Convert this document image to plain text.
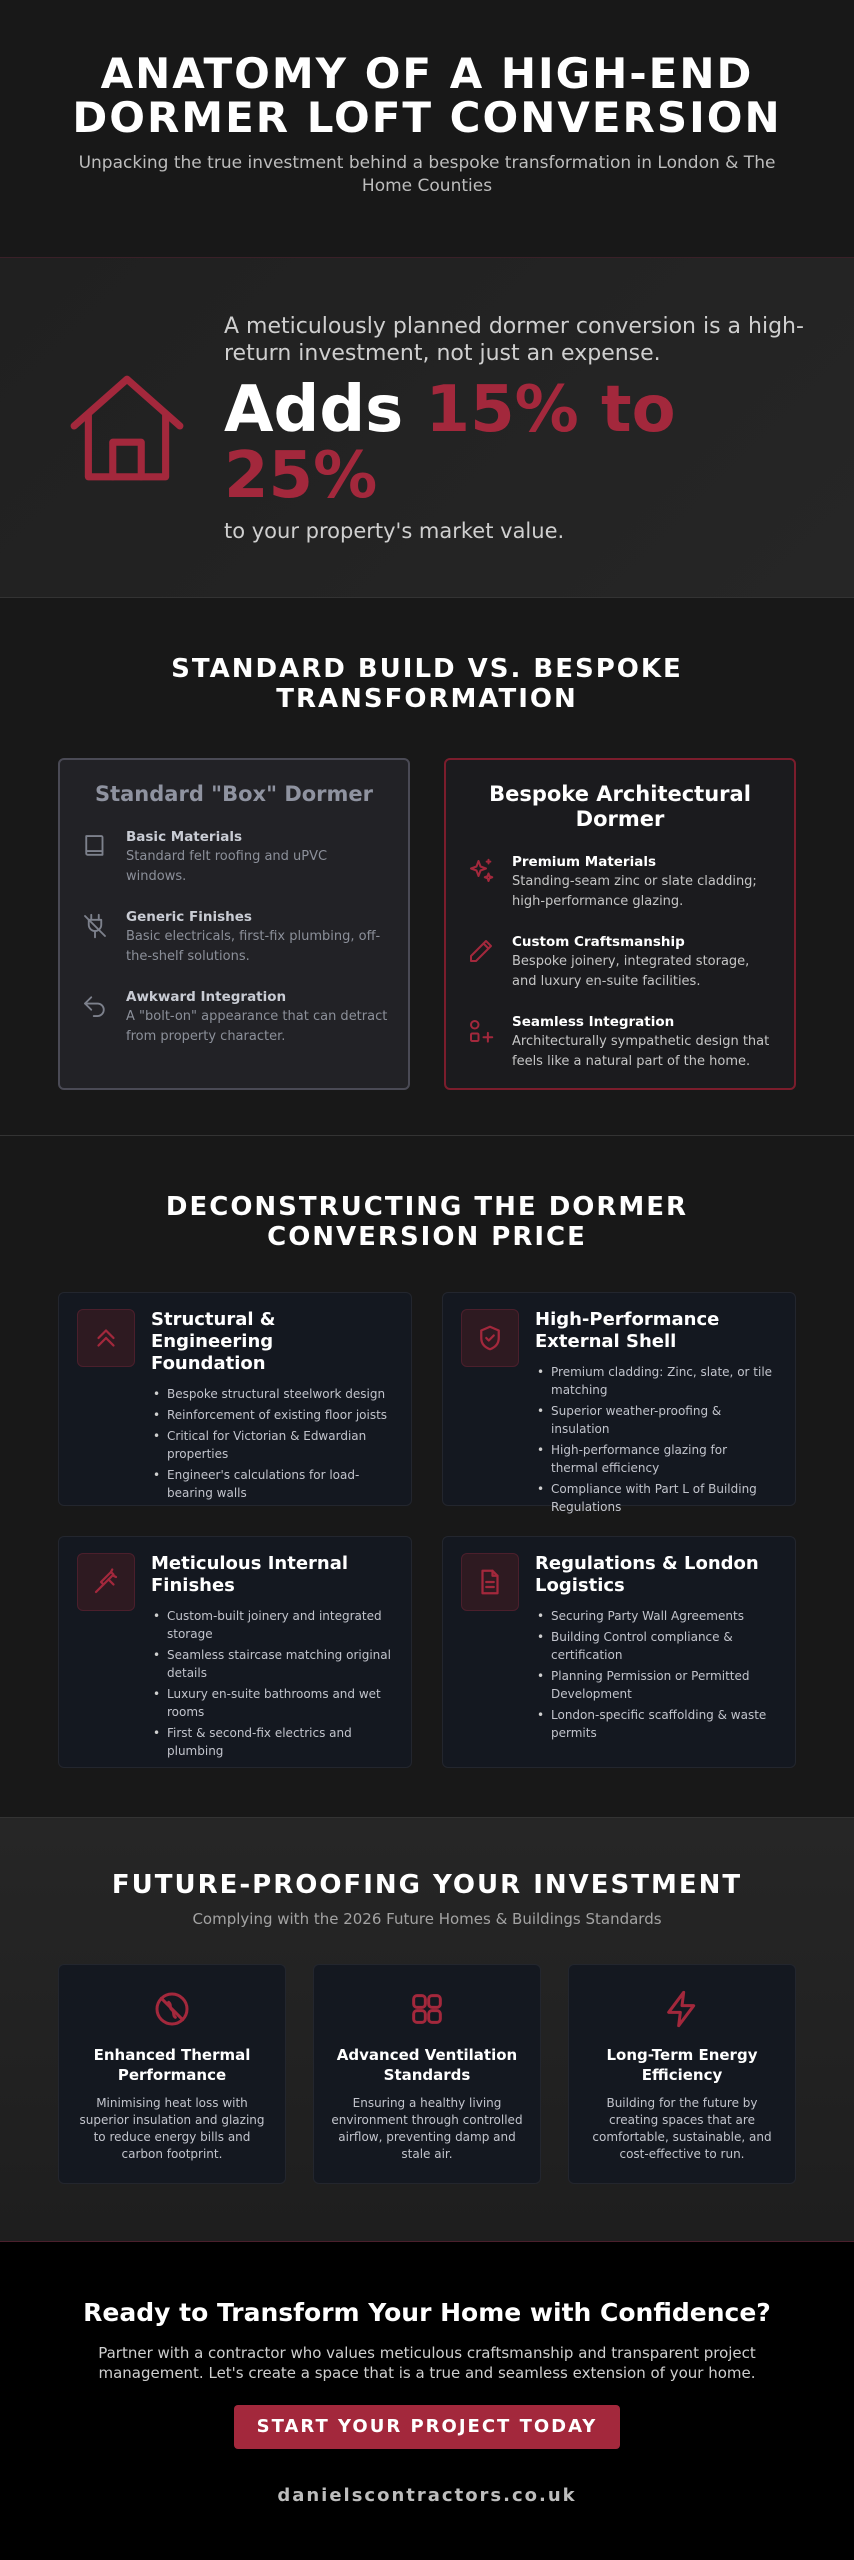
ANATOMY OF A HIGH-END DORMER LOFT CONVERSION

Unpacking the true investment behind a bespoke transformation in London & The Home Counties

A meticulously planned dormer conversion is a high-return investment, not just an expense.
Adds 15% to 25%
to your property's market value.
STANDARD BUILD VS. BESPOKE TRANSFORMATION
Standard "Box" Dormer
Basic Materials
Standard felt roofing and uPVC windows.
Generic Finishes
Basic electricals, first-fix plumbing, off-the-shelf solutions.
Awkward Integration
A "bolt-on" appearance that can detract from property character.
Bespoke Architectural Dormer
Premium Materials
Standing-seam zinc or slate cladding; high-performance glazing.
Custom Craftsmanship
Bespoke joinery, integrated storage, and luxury en-suite facilities.
Seamless Integration
Architecturally sympathetic design that feels like a natural part of the home.
DECONSTRUCTING THE DORMER CONVERSION PRICE
Structural & Engineering Foundation
• Bespoke structural steelwork design
• Reinforcement of existing floor joists
• Critical for Victorian & Edwardian properties
• Engineer's calculations for load-bearing walls
High-Performance External Shell
• Premium cladding: Zinc, slate, or tile matching
• Superior weather-proofing & insulation
• High-performance glazing for thermal efficiency
• Compliance with Part L of Building Regulations
Meticulous Internal Finishes
• Custom-built joinery and integrated storage
• Seamless staircase matching original details
• Luxury en-suite bathrooms and wet rooms
• First & second-fix electrics and plumbing
Regulations & London Logistics
• Securing Party Wall Agreements
• Building Control compliance & certification
• Planning Permission or Permitted Development
• London-specific scaffolding & waste permits
FUTURE-PROOFING YOUR INVESTMENT
Complying with the 2026 Future Homes & Buildings Standards
Enhanced Thermal Performance

Minimising heat loss with superior insulation and glazing to reduce energy bills and carbon footprint.

Advanced Ventilation Standards

Ensuring a healthy living environment through controlled airflow, preventing damp and stale air.

Long-Term Energy Efficiency

Building for the future by creating spaces that are comfortable, sustainable, and cost-effective to run.

Ready to Transform Your Home with Confidence?

Partner with a contractor who values meticulous craftsmanship and transparent project management. Let's create a space that is a true and seamless extension of your home.

START YOUR PROJECT TODAY
danielscontractors.co.uk
